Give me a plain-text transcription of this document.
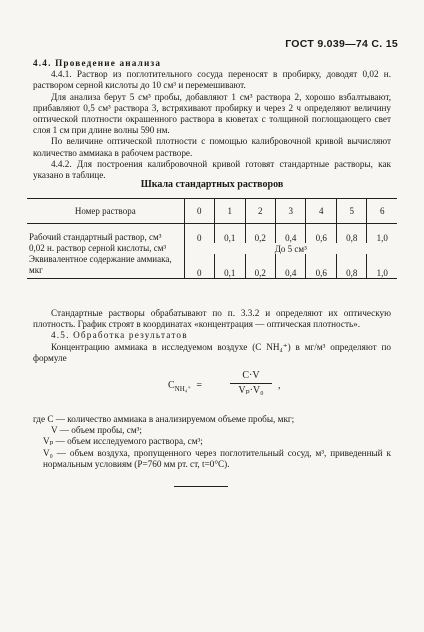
ГОСТ 9.039—74 С. 15
4.4. Проведение анализа
4.4.1. Раствор из поглотительного сосуда переносят в пробирку, доводят 0,02 н. раствором серной кислоты до 10 см³ и перемешивают.
Для анализа берут 5 см³ пробы, добавляют 1 см³ раствора 2, хорошо взбалтывают, прибавляют 0,5 см³ раствора 3, встряхивают пробирку и через 2 ч определяют величину оптической плотности окрашенного раствора в кюветах с толщиной поглощающего свет слоя 1 см при длине волны 590 нм.
По величине оптической плотности с помощью калибровочной кривой вычисляют количество аммиака в рабочем растворе.
4.4.2. Для построения калибровочной кривой готовят стандартные растворы, как указано в таблице.
Шкала стандартных растворов
Номер раствора	0	1	2	3	4	5	6
Рабочий стандартный раствор, см³	0	0,1	0,2	0,4	0,6	0,8	1,0
0,02 н. раствор серной кислоты, см³	До 5 см³						
Эквивалентное содержание аммиака, мкг	0	0,1	0,2	0,4	0,6	0,8	1,0
Стандартные растворы обрабатывают по п. 3.3.2 и определяют их оптическую плотность. График строят в координатах «концентрация — оптическая плотность».
4.5. Обработка результатов
Концентрацию аммиака в исследуемом воздухе (C NH₄⁺) в мг/м³ определяют по формуле
$C_{NH_4^+}$ =
C·V
Vₚ·V₀	,
где C — количество аммиака в анализируемом объеме пробы, мкг;
V — объем пробы, см³;
Vₚ — объем исследуемого раствора, см³;
V₀ — объем воздуха, пропущенного через поглотительный сосуд, м³, приведенный к нормальным условиям (P=760 мм рт. ст, t=0°С).
